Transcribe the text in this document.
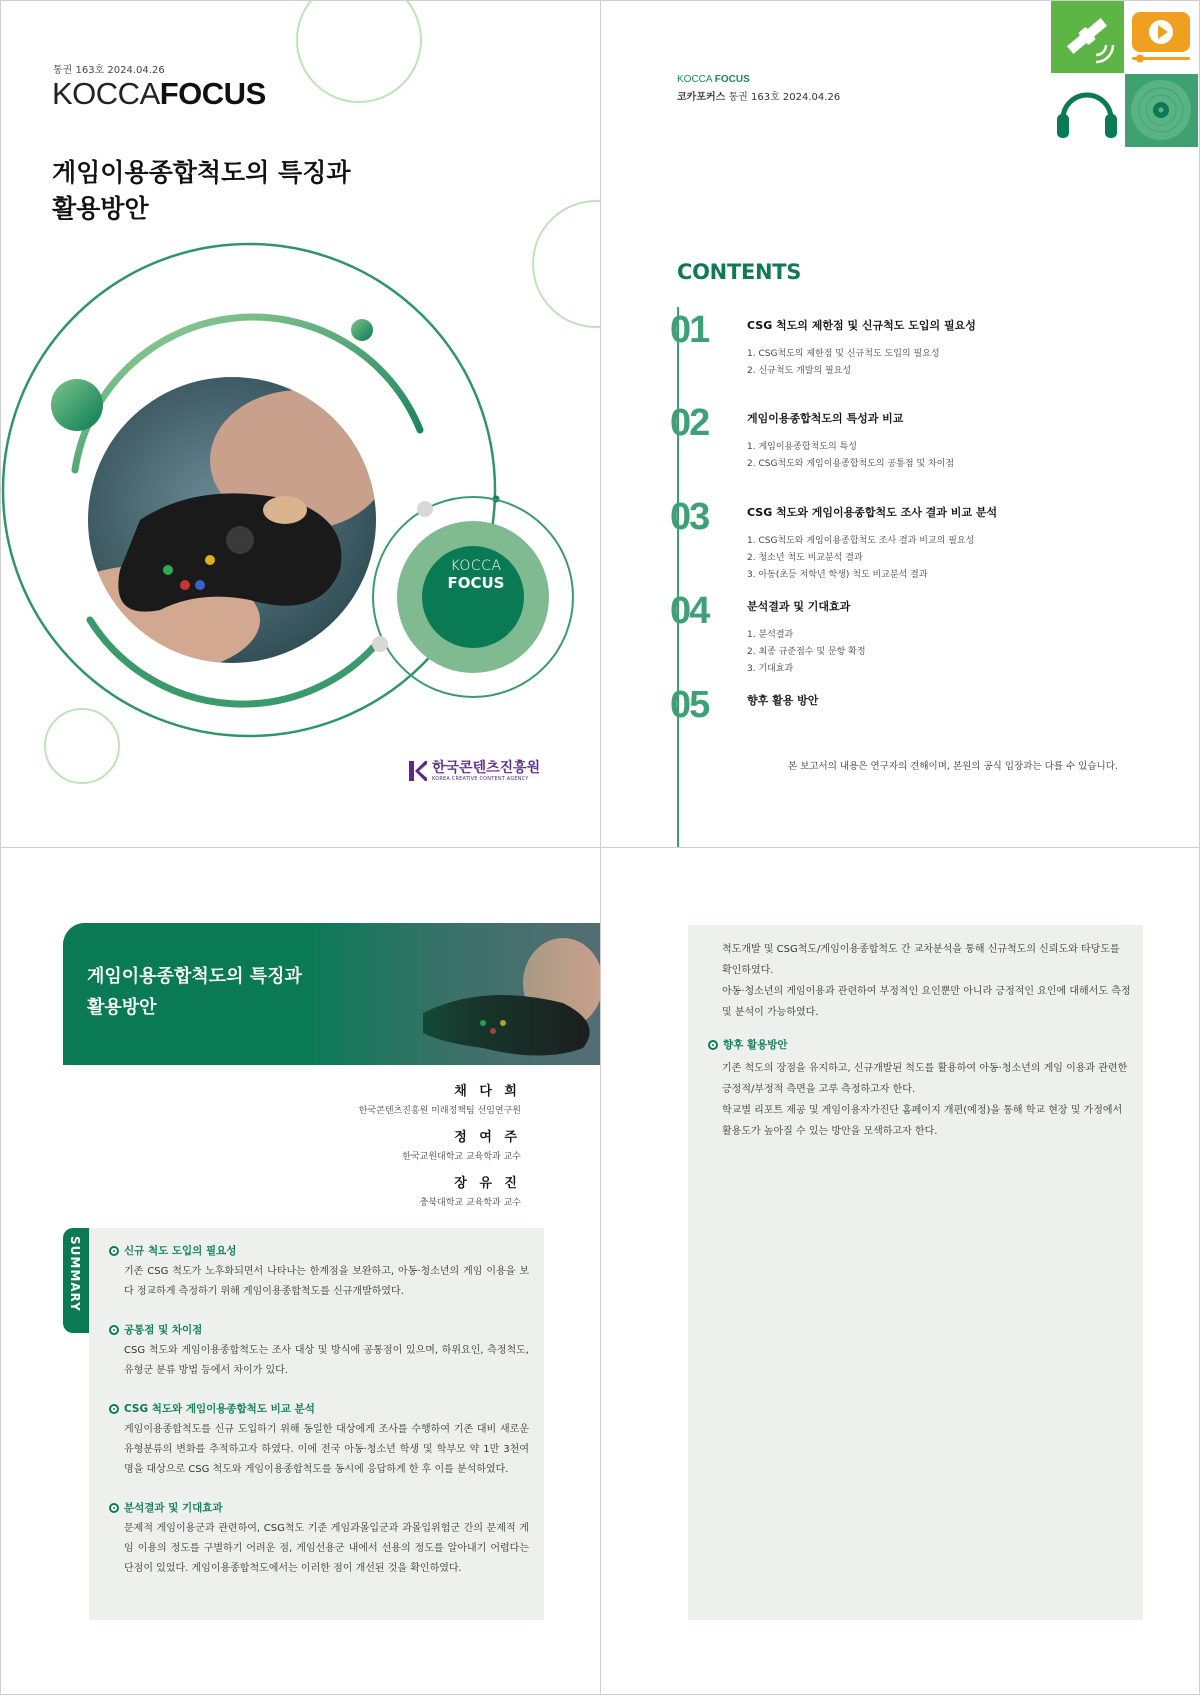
통권 163호 2024.04.26
KOCCAFOCUS
게임이용종합척도의 특징과
활용방안
KOCCA
FOCUS
한국콘텐츠진흥원
KOREA CREATIVE CONTENT AGENCY
KOCCA FOCUS
코카포커스 통권 163호 2024.04.26
CONTENTS
01	CSG 척도의 제한점 및 신규척도 도입의 필요성
1. CSG척도의 제한점 및 신규척도 도입의 필요성
2. 신규척도 개발의 필요성
02	게임이용종합척도의 특성과 비교
1. 게임이용종합척도의 특성
2. CSG척도와 게임이용종합척도의 공통점 및 차이점
03	CSG 척도와 게임이용종합척도 조사 결과 비교 분석
1. CSG척도와 게임이용종합척도 조사 결과 비교의 필요성
2. 청소년 척도 비교분석 결과
3. 아동(초등 저학년 학생) 척도 비교분석 결과
04	분석결과 및 기대효과
1. 분석결과
2. 최종 규준점수 및 문항 확정
3. 기대효과
05	향후 활용 방안
본 보고서의 내용은 연구자의 견해이며, 본원의 공식 입장과는 다를 수 있습니다.
게임이용종합척도의 특징과
활용방안
채 다 희
한국콘텐츠진흥원 미래정책팀 선임연구원
정 여 주
한국교원대학교 교육학과 교수
장 유 진
충북대학교 교육학과 교수
SUMMARY	신규 척도 도입의 필요성
기존 CSG 척도가 노후화되면서 나타나는 한계점을 보완하고, 아동·청소년의 게임 이용을 보다 정교하게 측정하기 위해 게임이용종합척도를 신규개발하였다.
공통점 및 차이점
CSG 척도와 게임이용종합척도는 조사 대상 및 방식에 공통점이 있으며, 하위요인, 측정척도, 유형군 분류 방법 등에서 차이가 있다.
CSG 척도와 게임이용종합척도 비교 분석
게임이용종합척도를 신규 도입하기 위해 동일한 대상에게 조사를 수행하여 기존 대비 새로운 유형분류의 변화를 추적하고자 하였다. 이에 전국 아동·청소년 학생 및 학부모 약 1만 3천여 명을 대상으로 CSG 척도와 게임이용종합척도를 동시에 응답하게 한 후 이를 분석하였다.
분석결과 및 기대효과
문제적 게임이용군과 관련하여, CSG척도 기준 게임과몰입군과 과몰입위험군 간의 문제적 게임 이용의 정도를 구별하기 어려운 점, 게임선용군 내에서 선용의 정도를 알아내기 어렵다는 단점이 있었다. 게임이용종합척도에서는 이러한 점이 개선된 것을 확인하였다.
척도개발 및 CSG척도/게임이용종합척도 간 교차분석을 통해 신규척도의 신뢰도와 타당도를 확인하였다.
아동·청소년의 게임이용과 관련하여 부정적인 요인뿐만 아니라 긍정적인 요인에 대해서도 측정 및 분석이 가능하였다.
향후 활용방안
기존 척도의 장점을 유지하고, 신규개발된 척도를 활용하여 아동·청소년의 게임 이용과 관련한 긍정적/부정적 측면을 고루 측정하고자 한다.
학교별 리포트 제공 및 게임이용자가진단 홈페이지 개편(예정)을 통해 학교 현장 및 가정에서 활용도가 높아질 수 있는 방안을 모색하고자 한다.
